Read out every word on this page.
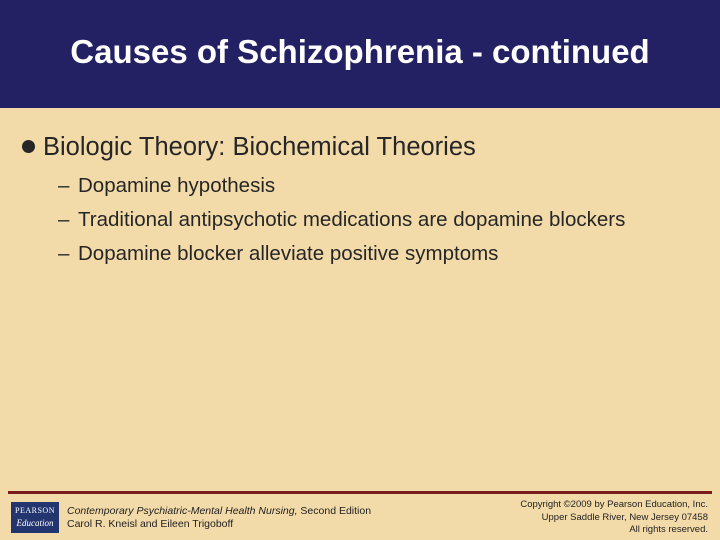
Causes of Schizophrenia - continued
Biologic Theory: Biochemical Theories
– Dopamine hypothesis
– Traditional antipsychotic medications are dopamine blockers
– Dopamine blocker alleviate positive symptoms
PEARSON
Education
Contemporary Psychiatric-Mental Health Nursing, Second Edition
Carol R. Kneisl and Eileen Trigoboff
Copyright ©2009 by Pearson Education, Inc.
Upper Saddle River, New Jersey 07458
All rights reserved.
